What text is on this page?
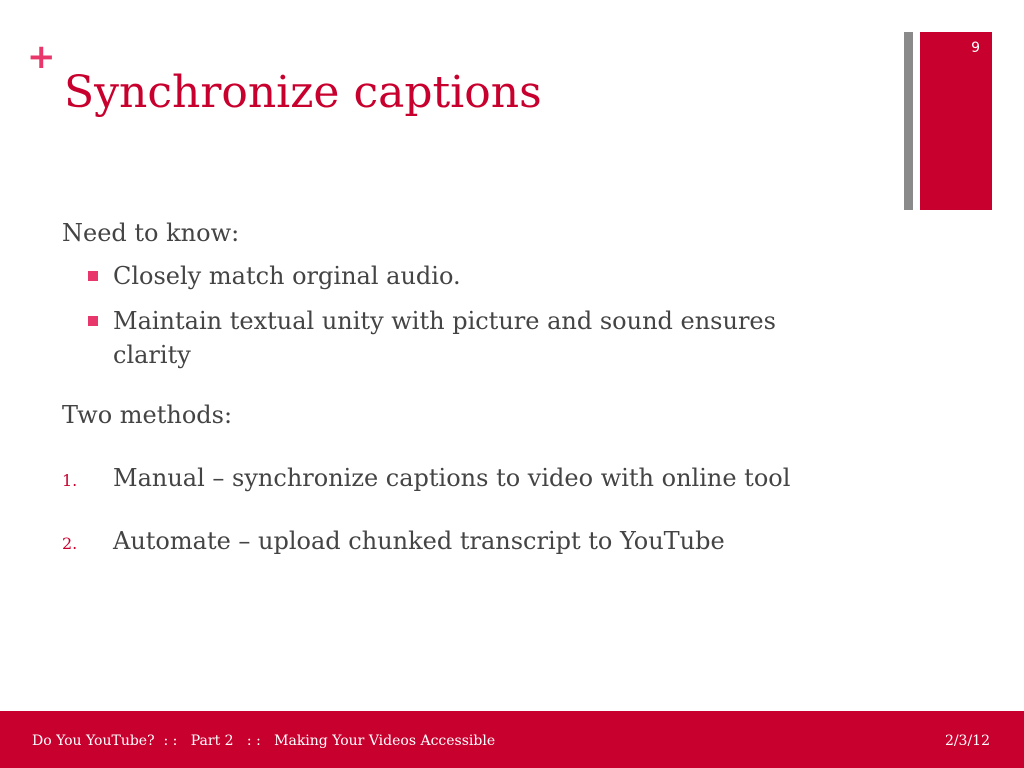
+
Synchronize captions
9
Need to know:
Closely match orginal audio.
Maintain textual unity with picture and sound ensures clarity
Two methods:
1. Manual – synchronize captions to video with online tool
2. Automate – upload chunked transcript to YouTube
Do You YouTube?  : :   Part 2   : :   Making Your Videos Accessible	2/3/12
